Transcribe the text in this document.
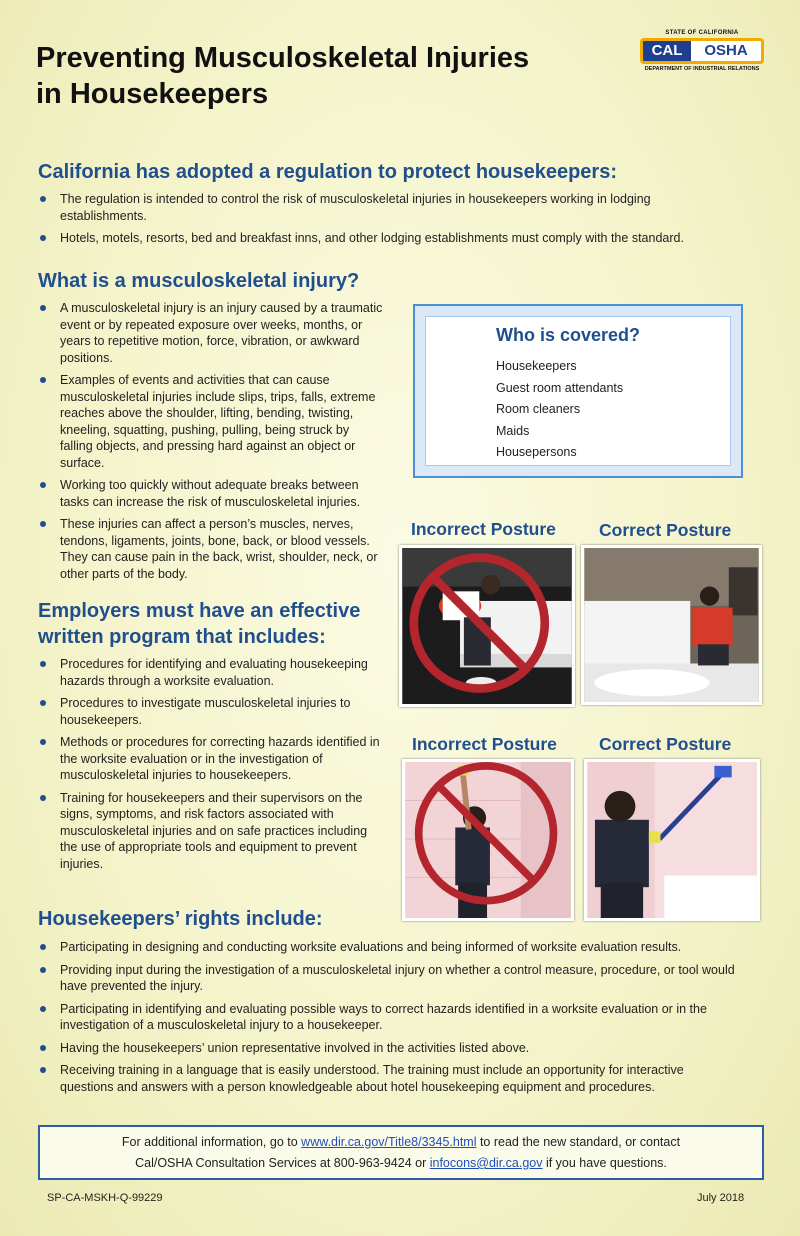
Preventing Musculoskeletal Injuries
in Housekeepers
STATE OF CALIFORNIA
CAL	OSHA
DEPARTMENT OF INDUSTRIAL RELATIONS
California has adopted a regulation to protect housekeepers:
The regulation is intended to control the risk of musculoskeletal injuries in housekeepers working in lodging establishments.
Hotels, motels, resorts, bed and breakfast inns, and other lodging establishments must comply with the standard.
What is a musculoskeletal injury?
A musculoskeletal injury is an injury caused by a traumatic event or by repeated exposure over weeks, months, or years to repetitive motion, force, vibration, or awkward positions.
Examples of events and activities that can cause musculoskeletal injuries include slips, trips, falls, extreme reaches above the shoulder, lifting, bending, twisting, kneeling, squatting, pushing, pulling, being struck by falling objects, and pressing hard against an object or surface.
Working too quickly without adequate breaks between tasks can increase the risk of musculoskeletal injuries.
These injuries can affect a person’s muscles, nerves, tendons, ligaments, joints, bone, back, or blood vessels. They can cause pain in the back, wrist, shoulder, neck, or other parts of the body.
Who is covered?

Housekeepers

Guest room attendants

Room cleaners

Maids

Housepersons

Incorrect Posture Correct Posture
Incorrect Posture Correct Posture
Employers must have an effective
written program that includes:
Procedures for identifying and evaluating housekeeping hazards through a worksite evaluation.
Procedures to investigate musculoskeletal injuries to housekeepers.
Methods or procedures for correcting hazards identified in the worksite evaluation or in the investigation of musculoskeletal injuries to housekeepers.
Training for housekeepers and their supervisors on the signs, symptoms, and risk factors associated with musculoskeletal injuries and on safe practices including the use of appropriate tools and equipment to prevent injuries.
Housekeepers’ rights include:
Participating in designing and conducting worksite evaluations and being informed of worksite evaluation results.
Providing input during the investigation of a musculoskeletal injury on whether a control measure, procedure, or tool would have prevented the injury.
Participating in identifying and evaluating possible ways to correct hazards identified in a worksite evaluation or in the investigation of a musculoskeletal injury to a housekeeper.
Having the housekeepers’ union representative involved in the activities listed above.
Receiving training in a language that is easily understood. The training must include an opportunity for interactive questions and answers with a person knowledgeable about hotel housekeeping equipment and procedures.
For additional information, go to www.dir.ca.gov/Title8/3345.html to read the new standard, or contact
Cal/OSHA Consultation Services at 800-963-9424 or infocons@dir.ca.gov if you have questions.
SP-CA-MSKH-Q-99229	July 2018
